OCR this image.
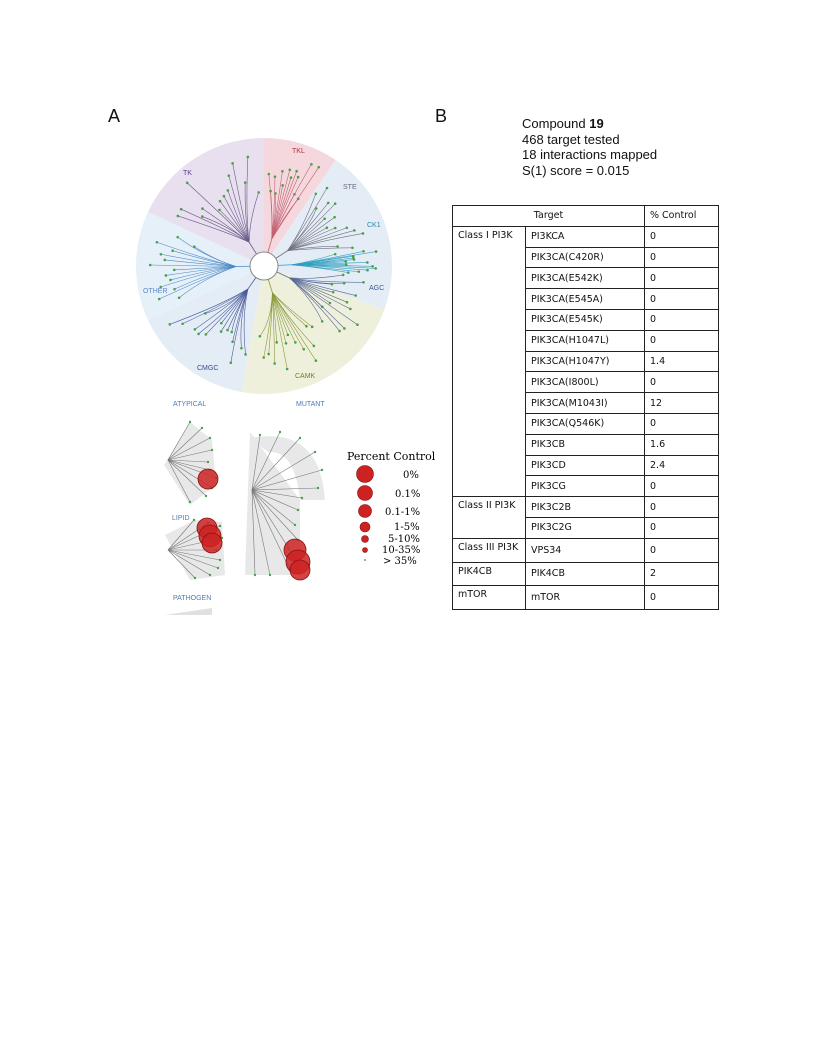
A	B	Compound 19
468 target tested
18 interactions mapped
S(1) score = 0.015
TKL
TK
STE
CK1
OTHER	AGC
CMGC
CAMK
ATYPICAL	MUTANT
LIPID
PATHOGEN
Percent Control
0%
0.1%
0.1-1%
1-5%
5-10%
10-35%
> 35%
Target		% Control
Class I PI3K	PI3KCA	0
	PIK3CA(C420R)	0
	PIK3CA(E542K)	0
	PIK3CA(E545A)	0
	PIK3CA(E545K)	0
	PIK3CA(H1047L)	0
	PIK3CA(H1047Y)	1.4
	PIK3CA(I800L)	0
	PIK3CA(M1043I)	12
	PIK3CA(Q546K)	0
	PIK3CB	1.6
	PIK3CD	2.4
	PIK3CG	0
Class II PI3K	PIK3C2B	0
	PIK3C2G	0
Class III PI3K	VPS34	0
PIK4CB	PIK4CB	2
mTOR	mTOR	0
